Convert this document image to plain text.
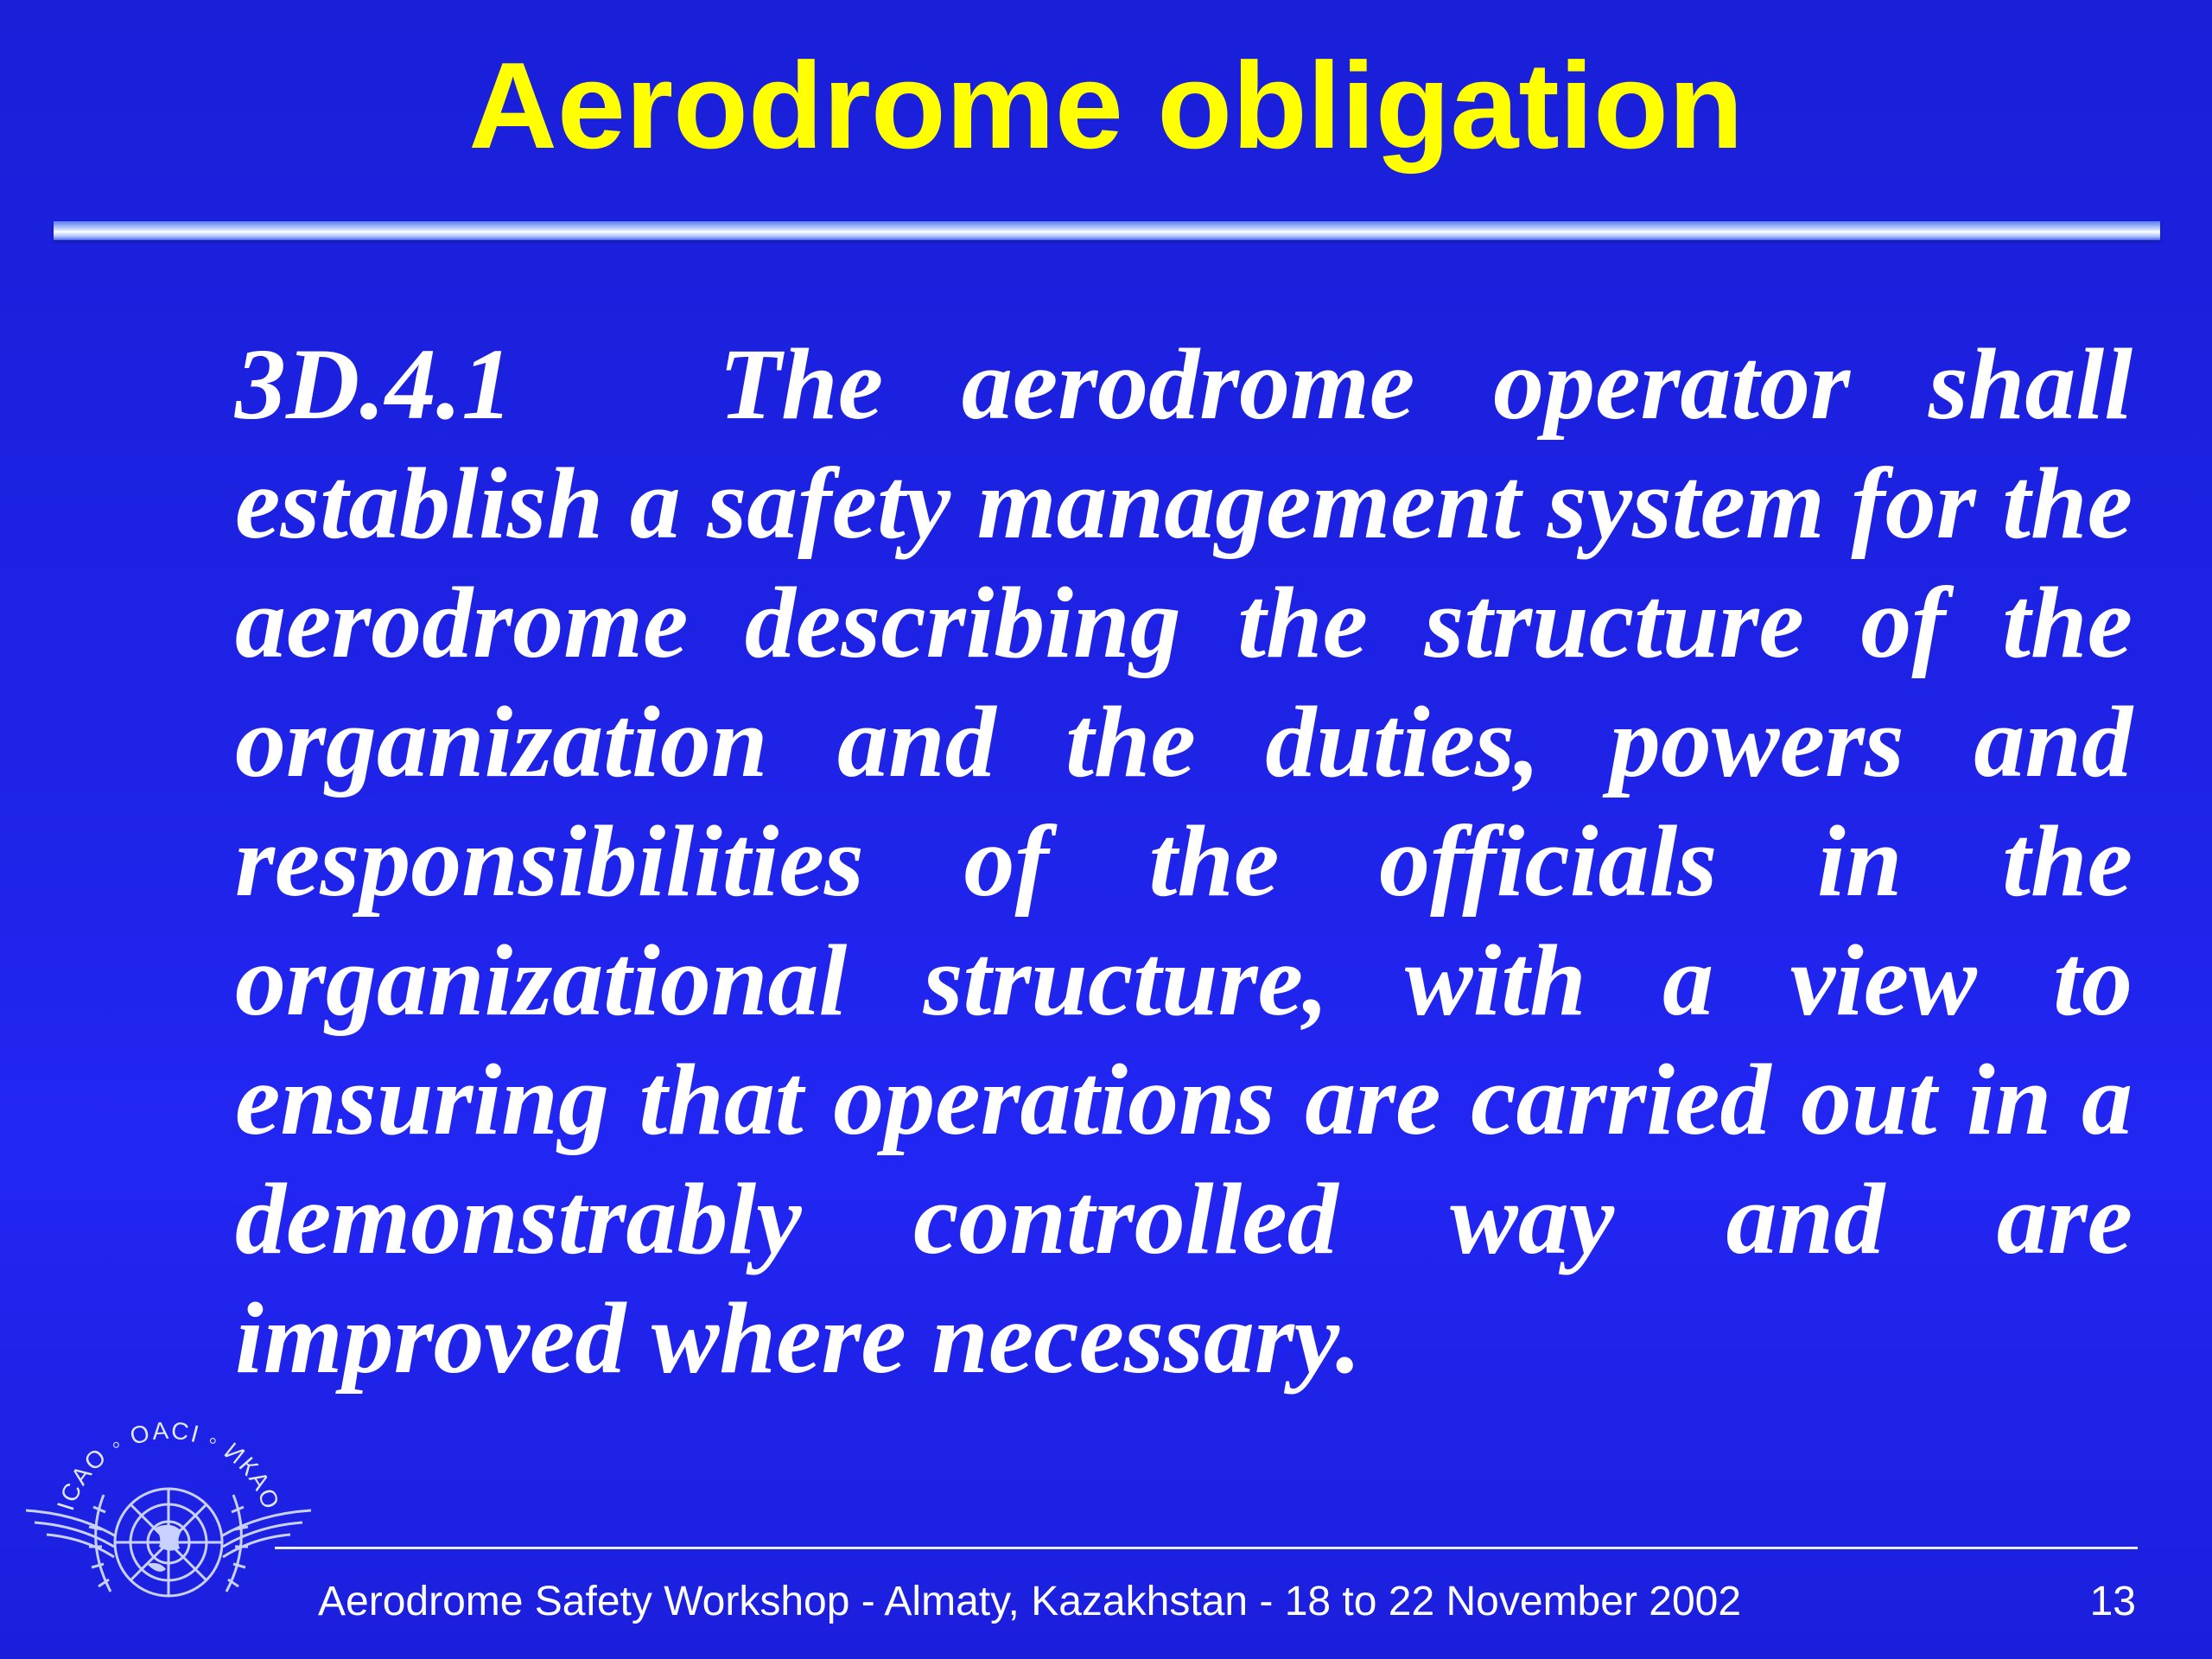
Aerodrome obligation

3D.4.1 The aerodrome operator shall establish a safety management system for the aerodrome describing the structure of the organization and the duties, powers and responsibilities of the officials in the organizational structure, with a view to ensuring that operations are carried out in a demonstrably controlled way and are improved where necessary.

ICAO ◦ OACI ◦ ИКАО
Aerodrome Safety Workshop - Almaty, Kazakhstan - 18 to 22 November 2002	13
